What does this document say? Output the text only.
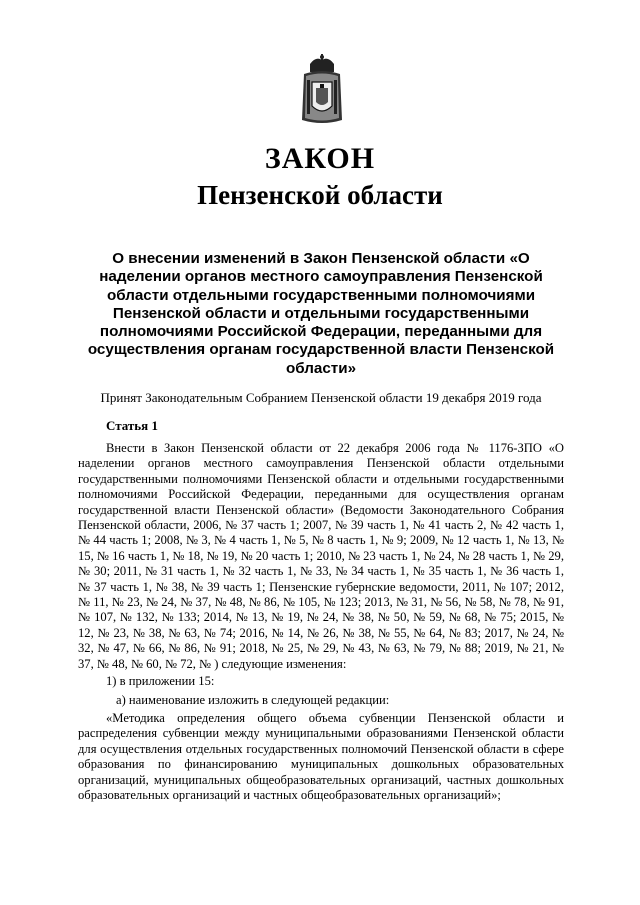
ЗАКОН
Пензенской области
О внесении изменений в Закон Пензенской области «О наделении органов местного самоуправления Пензенской области отдельными государственными полномочиями Пензенской области и отдельными государственными полномочиями Российской Федерации, переданными для осуществления органам государственной власти Пензенской области»
Принят Законодательным Собранием Пензенской области 19 декабря 2019 года
Статья 1

Внести в Закон Пензенской области от 22 декабря 2006 года № 1176-ЗПО «О наделении органов местного самоуправления Пензенской области отдельными государственными полномочиями Пензенской области и отдельными государственными полномочиями Российской Федерации, переданными для осуществления органам государственной власти Пензенской области» (Ведомости Законодательного Собрания Пензенской области, 2006, № 37 часть 1; 2007, № 39 часть 1, № 41 часть 2, № 42 часть 1, № 44 часть 1; 2008, № 3, № 4 часть 1, № 5, № 8 часть 1, № 9; 2009, № 12 часть 1, № 13, № 15, № 16 часть 1, № 18, № 19, № 20 часть 1; 2010, № 23 часть 1, № 24, № 28 часть 1, № 29, № 30; 2011, № 31 часть 1, № 32 часть 1, № 33, № 34 часть 1, № 35 часть 1, № 36 часть 1, № 37 часть 1, № 38, № 39 часть 1; Пензенские губернские ведомости, 2011, № 107; 2012, № 11, № 23, № 24, № 37, № 48, № 86, № 105, № 123; 2013, № 31, № 56, № 58, № 78, № 91, № 107, № 132, № 133; 2014, № 13, № 19, № 24, № 38, № 50, № 59, № 68, № 75; 2015, № 12, № 23, № 38, № 63, № 74; 2016, № 14, № 26, № 38, № 55, № 64, № 83; 2017, № 24, № 32, № 47, № 66, № 86, № 91; 2018, № 25, № 29, № 43, № 63, № 79, № 88; 2019, № 21, № 37, № 48, № 60, № 72, № ) следующие изменения:

1) в приложении 15:

а) наименование изложить в следующей редакции:

«Методика определения общего объема субвенции Пензенской области и распределения субвенции между муниципальными образованиями Пензенской области для осуществления отдельных государственных полномочий Пензенской области в сфере образования по финансированию муниципальных дошкольных образовательных организаций, муниципальных общеобразовательных организаций, частных дошкольных образовательных организаций и частных общеобразовательных организаций»;
